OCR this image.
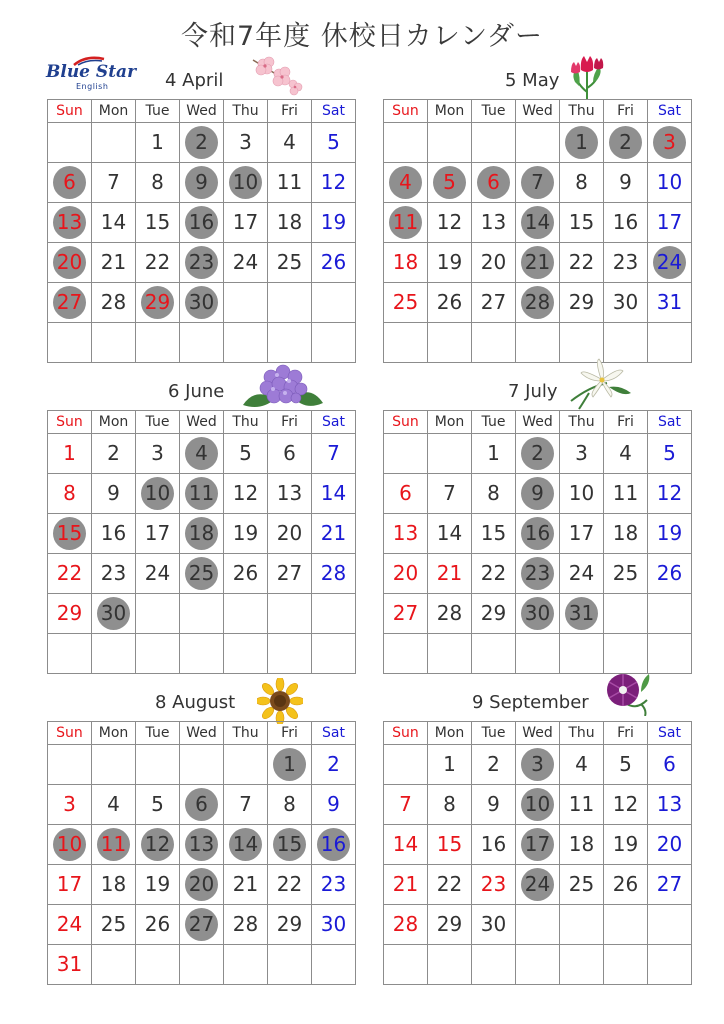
令和7年度 休校日カレンダー
Blue Star
English	4 April
Sun	Mon	Tue	Wed	Thu	Fri	Sat
		1	2	3	4	5
6	7	8	9	10	11	12
13	14	15	16	17	18	19
20	21	22	23	24	25	26
27	28	29	30			

5 May
Sun	Mon	Tue	Wed	Thu	Fri	Sat
				1	2	3
4	5	6	7	8	9	10
11	12	13	14	15	16	17
18	19	20	21	22	23	24
25	26	27	28	29	30	31

6 June
Sun	Mon	Tue	Wed	Thu	Fri	Sat
1	2	3	4	5	6	7
8	9	10	11	12	13	14
15	16	17	18	19	20	21
22	23	24	25	26	27	28
29	30					

7 July
Sun	Mon	Tue	Wed	Thu	Fri	Sat
		1	2	3	4	5
6	7	8	9	10	11	12
13	14	15	16	17	18	19
20	21	22	23	24	25	26
27	28	29	30	31		

8 August
Sun	Mon	Tue	Wed	Thu	Fri	Sat
					1	2
3	4	5	6	7	8	9
10	11	12	13	14	15	16
17	18	19	20	21	22	23
24	25	26	27	28	29	30
31						
9 September
Sun	Mon	Tue	Wed	Thu	Fri	Sat
	1	2	3	4	5	6
7	8	9	10	11	12	13
14	15	16	17	18	19	20
21	22	23	24	25	26	27
28	29	30				
